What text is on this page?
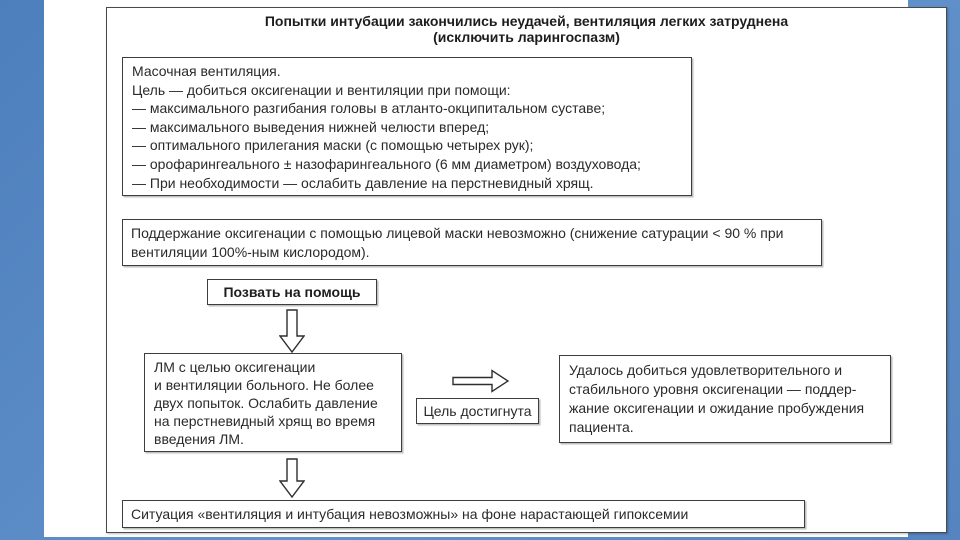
Попытки интубации закончились неудачей, вентиляция легких затруднена
(исключить ларингоспазм)
Масочная вентиляция.
Цель — добиться оксигенации и вентиляции при помощи:
— максимального разгибания головы в атланто-окципитальном суставе;
— максимального выведения нижней челюсти вперед;
— оптимального прилегания маски (с помощью четырех рук);
— орофарингеального ± назофарингеального (6 мм диаметром) воздуховода;
— При необходимости — ослабить давление на перстневидный хрящ.
Поддержание оксигенации с помощью лицевой маски невозможно (снижение сатурации < 90 % при вентиляции 100%-ным кислородом).
Позвать на помощь
ЛМ с целью оксигенации
и вентиляции больного. Не более
двух попыток. Ослабить давление
на перстневидный хрящ во время
введения ЛМ.
Цель достигнута
Удалось добиться удовлетворительного и
стабильного уровня оксигенации — поддер-
жание оксигенации и ожидание пробуждения
пациента.
Ситуация «вентиляция и интубация невозможны» на фоне нарастающей гипоксемии
